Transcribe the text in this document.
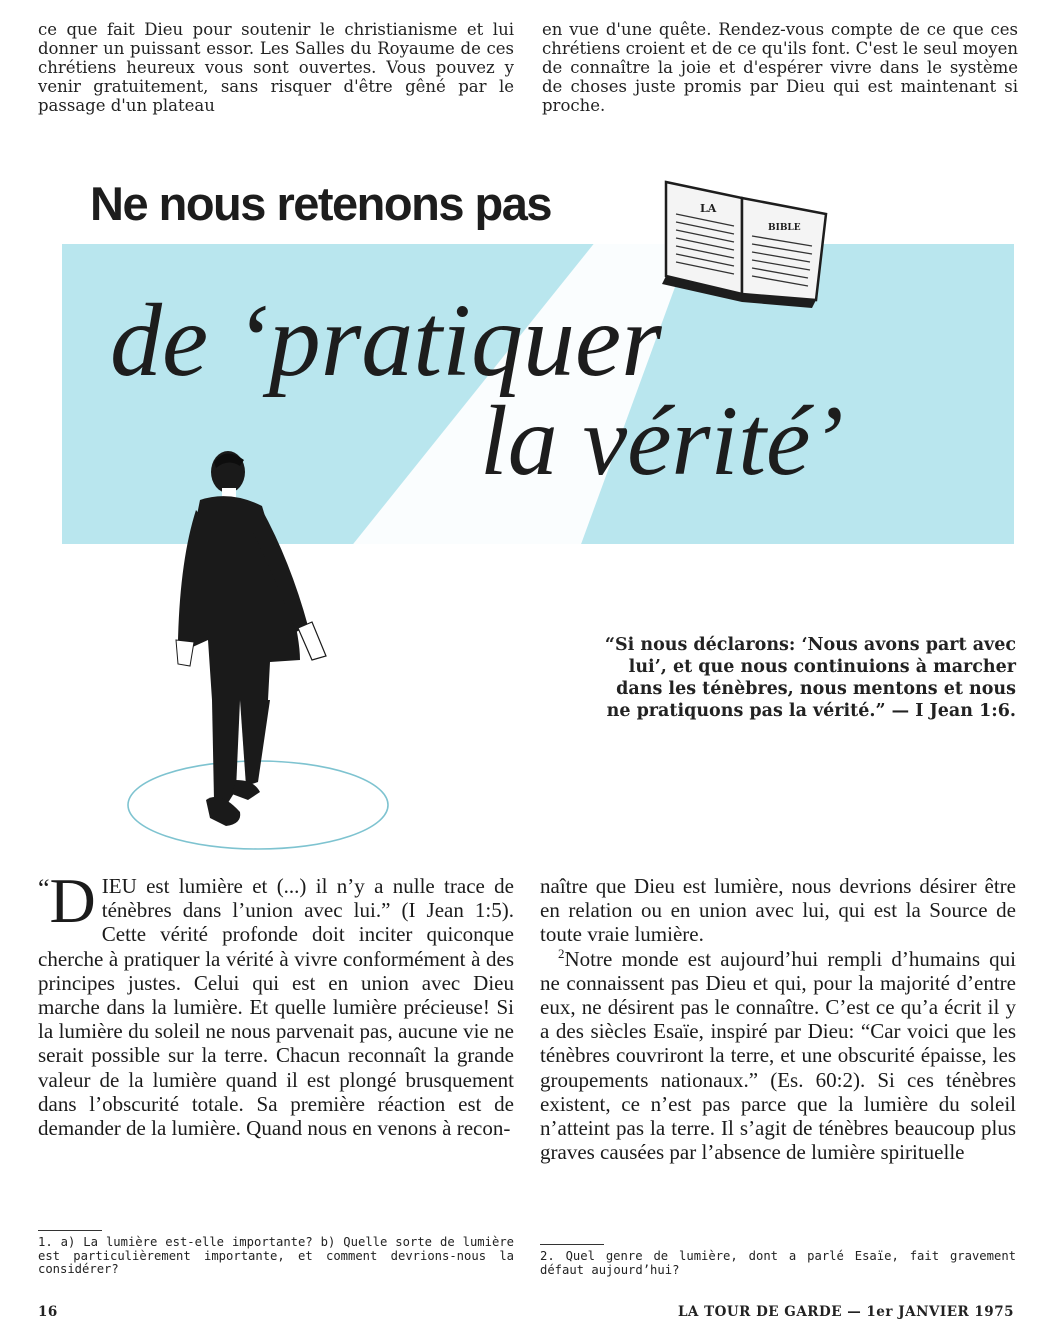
ce que fait Dieu pour soutenir le christianisme et lui donner un puissant essor. Les Salles du Royaume de ces chrétiens heureux vous sont ouvertes. Vous pouvez y venir gratuitement, sans risquer d'être gêné par le passage d'un plateau
en vue d'une quête. Rendez-vous compte de ce que ces chrétiens croient et de ce qu'ils font. C'est le seul moyen de connaître la joie et d'espérer vivre dans le système de choses juste promis par Dieu qui est maintenant si proche.
LA
BIBLE
Ne nous retenons pas
de ‘pratiquer
la vérité’
“Si nous déclarons: ‘Nous avons part avec lui’, et que nous continuions à marcher dans les ténèbres, nous mentons et nous ne pratiquons pas la vérité.” — I Jean 1:6.

“ D IEU est lumière et (...) il n’y a nulle trace de ténèbres dans l’union avec lui.” (I Jean 1:5). Cette vérité profonde doit inciter quiconque cherche à pratiquer la vérité à vivre conformément à des principes justes. Celui qui est en union avec Dieu marche dans la lumière. Et quelle lumière précieuse! Si la lumière du soleil ne nous parvenait pas, aucune vie ne serait possible sur la terre. Chacun reconnaît la grande valeur de la lumière quand il est plongé brusquement dans l’obscurité totale. Sa première réaction est de demander de la lumière. Quand nous en venons à recon-

naître que Dieu est lumière, nous devrions désirer être en relation ou en union avec lui, qui est la Source de toute vraie lumière.

$^2$Notre monde est aujourd’hui rempli d’humains qui ne connaissent pas Dieu et qui, pour la majorité d’entre eux, ne désirent pas le connaître. C’est ce qu’a écrit il y a des siècles Esaïe, inspiré par Dieu: “Car voici que les ténèbres couvriront la terre, et une obscurité épaisse, les groupements nationaux.” (Es. 60:2). Si ces ténèbres existent, ce n’est pas parce que la lumière du soleil n’atteint pas la terre. Il s’agit de ténèbres beaucoup plus graves causées par l’absence de lumière spirituelle

1. a) La lumière est-elle importante? b) Quelle sorte de lumière est particulièrement importante, et comment devrions-nous la considérer?
2. Quel genre de lumière, dont a parlé Esaïe, fait gravement défaut aujourd’hui?
16	LA TOUR DE GARDE — 1er JANVIER 1975
